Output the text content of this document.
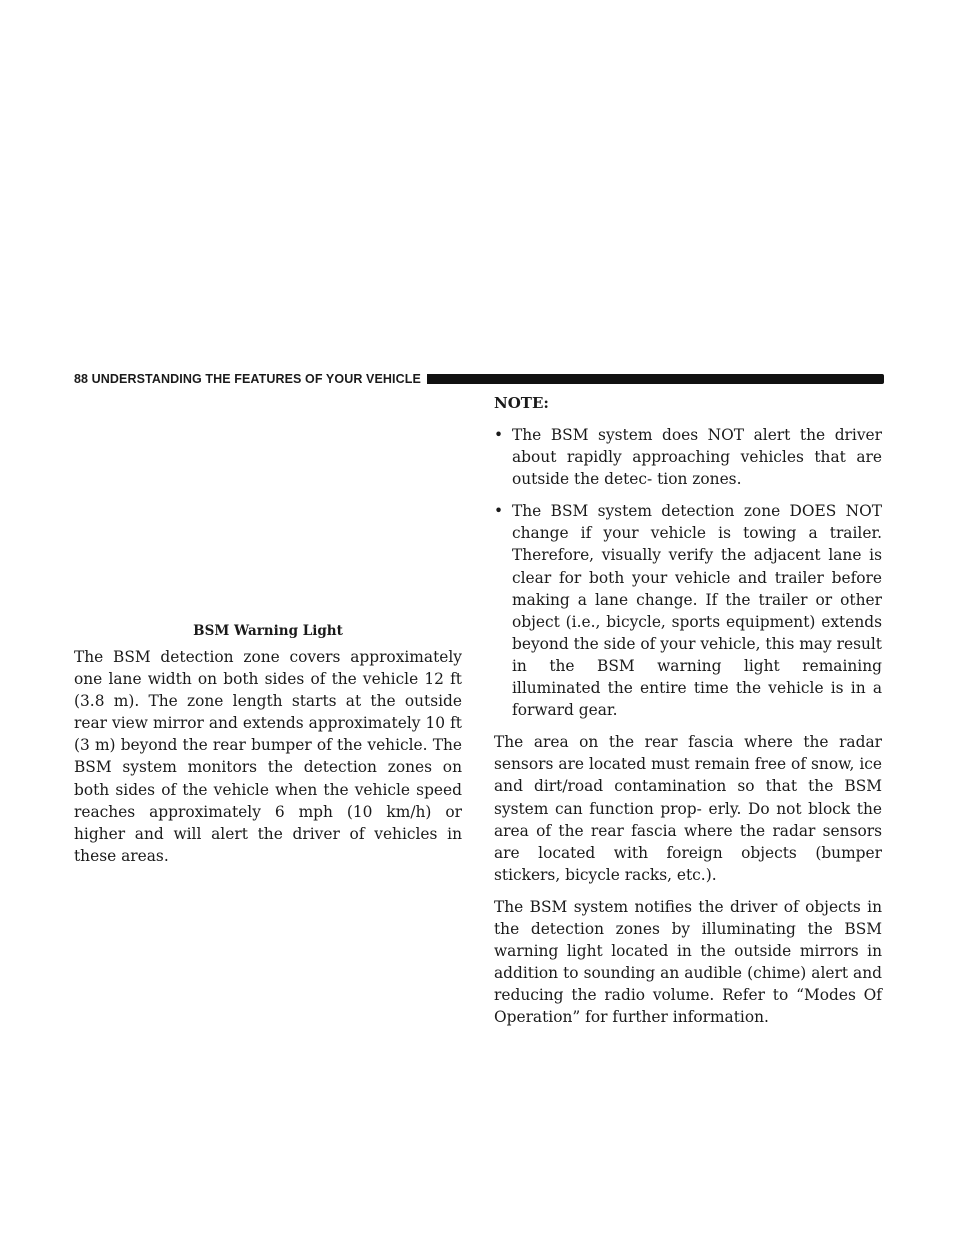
88 UNDERSTANDING THE FEATURES OF YOUR VEHICLE
BSM Warning Light
The BSM detection zone covers approximately one lane width on both sides of the vehicle 12 ft (3.8 m). The zone length starts at the outside rear view mirror and extends approximately 10 ft (3 m) beyond the rear bumper of the vehicle. The BSM system monitors the detection zones on both sides of the vehicle when the vehicle speed reaches approximately 6 mph (10 km/h) or higher and will alert the driver of vehicles in these areas.
NOTE:
• The BSM system does NOT alert the driver about rapidly approaching vehicles that are outside the detec- tion zones.
• The BSM system detection zone DOES NOT change if your vehicle is towing a trailer. Therefore, visually verify the adjacent lane is clear for both your vehicle and trailer before making a lane change. If the trailer or other object (i.e., bicycle, sports equipment) extends beyond the side of your vehicle, this may result in the BSM warning light remaining illuminated the entire time the vehicle is in a forward gear.

The area on the rear fascia where the radar sensors are located must remain free of snow, ice and dirt/road contamination so that the BSM system can function prop- erly. Do not block the area of the rear fascia where the radar sensors are located with foreign objects (bumper stickers, bicycle racks, etc.).

The BSM system notifies the driver of objects in the detection zones by illuminating the BSM warning light located in the outside mirrors in addition to sounding an audible (chime) alert and reducing the radio volume. Refer to “Modes Of Operation” for further information.
